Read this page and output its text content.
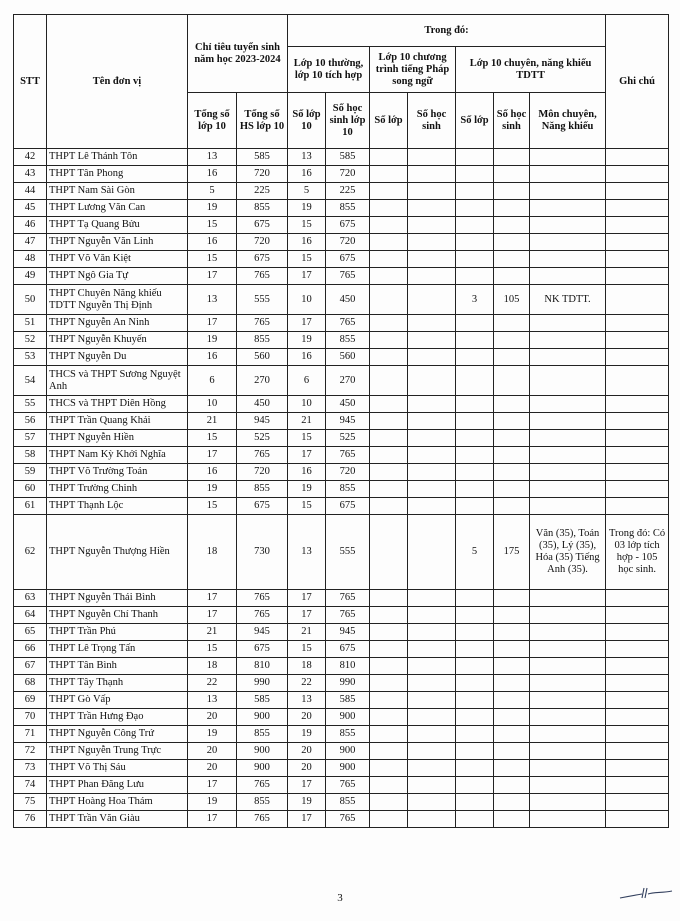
STT	Tên đơn vị	Chỉ tiêu tuyển sinh năm học 2023-2024		Trong đó:							Ghi chú
				Lớp 10 thường, lớp 10 tích hợp		Lớp 10 chương trình tiếng Pháp song ngữ		Lớp 10 chuyên, năng khiếu TDTT			
		Tổng số lớp 10	Tổng số HS lớp 10	Số lớp 10	Số học sinh lớp 10	Số lớp	Số học sinh	Số lớp	Số học sinh	Môn chuyên, Năng khiếu	
42	THPT Lê Thánh Tôn	13	585	13	585						
43	THPT Tân Phong	16	720	16	720						
44	THPT Nam Sài Gòn	5	225	5	225						
45	THPT Lương Văn Can	19	855	19	855						
46	THPT Tạ Quang Bửu	15	675	15	675						
47	THPT Nguyễn Văn Linh	16	720	16	720						
48	THPT Võ Văn Kiệt	15	675	15	675						
49	THPT Ngô Gia Tự	17	765	17	765						
50	THPT Chuyên Năng khiếu TDTT Nguyễn Thị Định	13	555	10	450			3	105	NK TDTT.	
51	THPT Nguyễn An Ninh	17	765	17	765						
52	THPT Nguyễn Khuyến	19	855	19	855						
53	THPT Nguyễn Du	16	560	16	560						
54	THCS và THPT Sương Nguyệt Anh	6	270	6	270						
55	THCS và THPT Diên Hồng	10	450	10	450						
56	THPT Trần Quang Khải	21	945	21	945						
57	THPT Nguyễn Hiền	15	525	15	525						
58	THPT Nam Kỳ Khởi Nghĩa	17	765	17	765						
59	THPT Võ Trường Toản	16	720	16	720						
60	THPT Trường Chinh	19	855	19	855						
61	THPT Thạnh Lộc	15	675	15	675						
62	THPT Nguyễn Thượng Hiền	18	730	13	555			5	175	Văn (35), Toán (35), Lý (35), Hóa (35) Tiếng Anh (35).	Trong đó: Có 03 lớp tích hợp - 105 học sinh.
63	THPT Nguyễn Thái Bình	17	765	17	765						
64	THPT Nguyễn Chí Thanh	17	765	17	765						
65	THPT Trần Phú	21	945	21	945						
66	THPT Lê Trọng Tấn	15	675	15	675						
67	THPT Tân Bình	18	810	18	810						
68	THPT Tây Thạnh	22	990	22	990						
69	THPT Gò Vấp	13	585	13	585						
70	THPT Trần Hưng Đạo	20	900	20	900						
71	THPT Nguyễn Công Trứ	19	855	19	855						
72	THPT Nguyễn Trung Trực	20	900	20	900						
73	THPT Võ Thị Sáu	20	900	20	900						
74	THPT Phan Đăng Lưu	17	765	17	765						
75	THPT Hoàng Hoa Thám	19	855	19	855						
76	THPT Trần Văn Giàu	17	765	17	765						
3
